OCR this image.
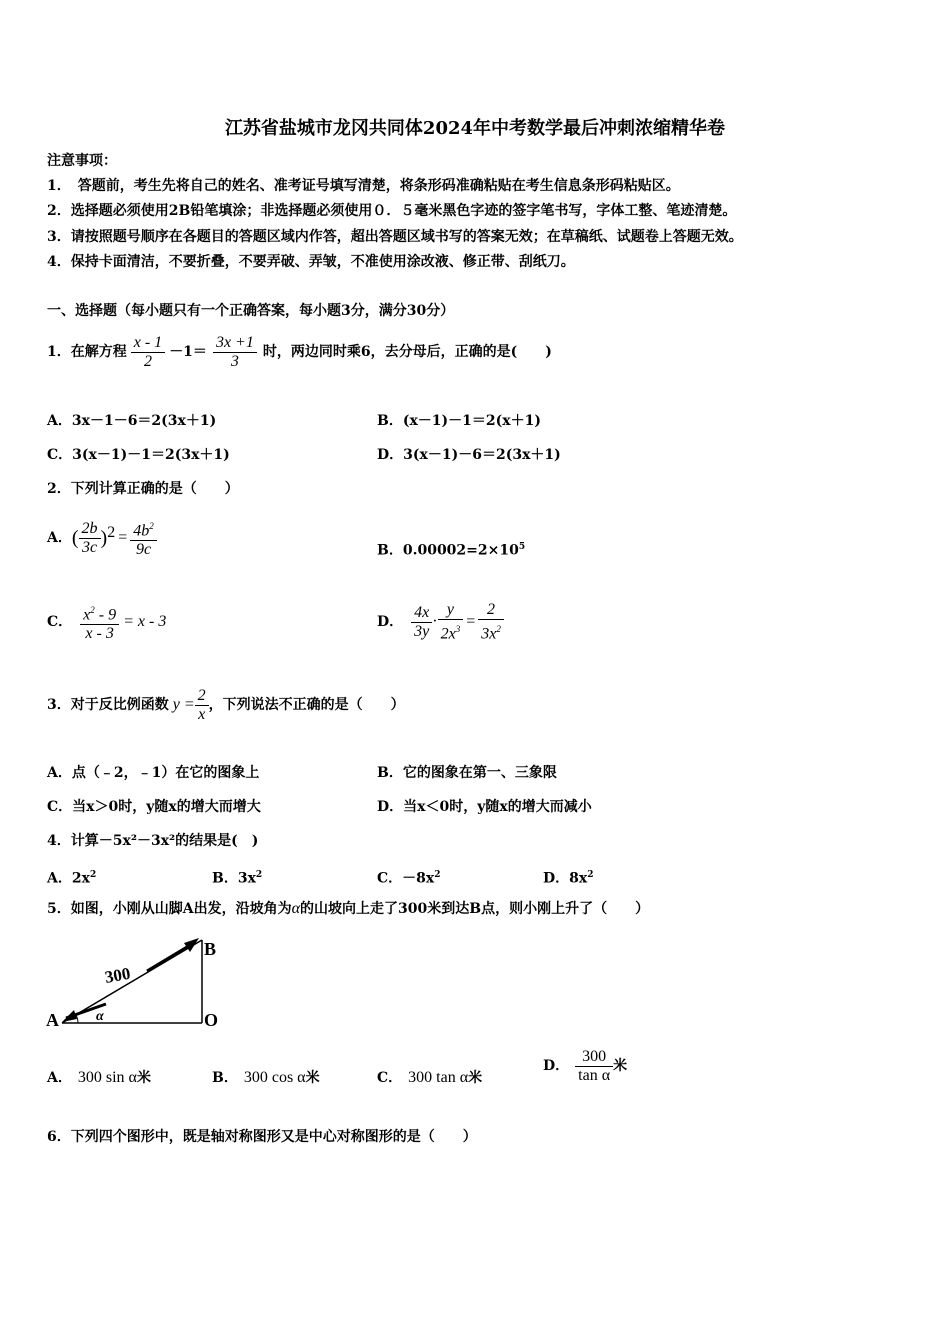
江苏省盐城市龙冈共同体2024年中考数学最后冲刺浓缩精华卷
注意事项：
1．　答题前，考生先将自己的姓名、准考证号填写清楚，将条形码准确粘贴在考生信息条形码粘贴区。
2．选择题必须使用2B铅笔填涂；非选择题必须使用０．５毫米黑色字迹的签字笔书写，字体工整、笔迹清楚。
3．请按照题号顺序在各题目的答题区域内作答，超出答题区域书写的答案无效；在草稿纸、试题卷上答题无效。
4．保持卡面清洁，不要折叠，不要弄破、弄皱，不准使用涂改液、修正带、刮纸刀。
一、选择题（每小题只有一个正确答案，每小题3分，满分30分）
1．在解方程 $\frac{x - 1}{2} -1= \frac{3x +1}{3}$ 时，两边同时乘6，去分母后，正确的是(　　)
A．3x－1－6＝2(3x＋1)	B．(x－1)－1＝2(x＋1)
C．3(x－1)－1＝2(3x＋1)	D．3(x－1)－6＝2(3x＋1)
2．下列计算正确的是（　　）
A． ( $\frac{2b}{3c}$ ) $2 = \frac{4b^2}{9c}$	B．$0.00002=2\times 10^5$
C． $\frac{x^2 - 9}{x - 3} = x - 3$	D． $\frac{4x}{3y} \cdot \frac{y}{2x^3} = \frac{2}{3x^2}$
3．对于反比例函数 $y = \frac{2}{x}$ ，下列说法不正确的是（　　）
A．点（﹣2，﹣1）在它的图象上	B．它的图象在第一、三象限
C．当x＞0时，y随x的增大而增大	D．当x＜0时，y随x的增大而减小
4．计算－5x²－3x²的结果是(　)
A．$2x^2$	B．$3x^2$	C．$-8x^2$	D．$8x^2$
5．如图，小刚从山脚A出发，沿坡角为α的山坡向上走了300米到达B点，则小刚上升了（　　）
300
A
B
O
α
A． 300 sin α米	B． 300 cos α米	C． 300 tan α米
D． $\frac{300}{\text{tan α}}$ 米
6．下列四个图形中，既是轴对称图形又是中心对称图形的是（　　）
